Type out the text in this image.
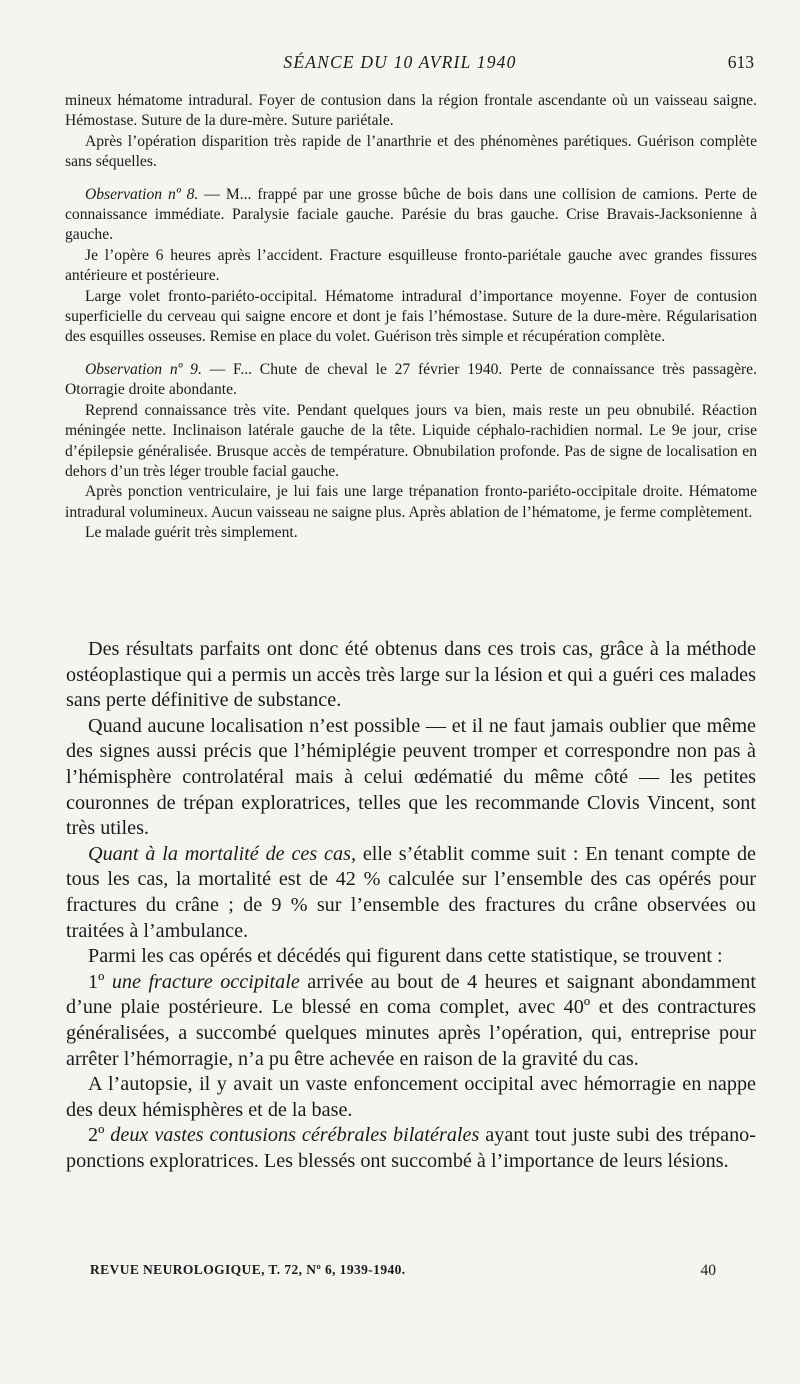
SÉANCE DU 10 AVRIL 1940	613

mineux hématome intradural. Foyer de contusion dans la région frontale ascendante où un vaisseau saigne. Hémostase. Suture de la dure-mère. Suture pariétale.

Après l’opération disparition très rapide de l’anarthrie et des phénomènes parétiques. Guérison complète sans séquelles.

Observation nº 8. — M... frappé par une grosse bûche de bois dans une collision de camions. Perte de connaissance immédiate. Paralysie faciale gauche. Parésie du bras gauche. Crise Bravais-Jacksonienne à gauche.

Je l’opère 6 heures après l’accident. Fracture esquilleuse fronto-pariétale gauche avec grandes fissures antérieure et postérieure.

Large volet fronto-pariéto-occipital. Hématome intradural d’importance moyenne. Foyer de contusion superficielle du cerveau qui saigne encore et dont je fais l’hémostase. Suture de la dure-mère. Régularisation des esquilles osseuses. Remise en place du volet. Guérison très simple et récupération complète.

Observation nº 9. — F... Chute de cheval le 27 février 1940. Perte de connaissance très passagère. Otorragie droite abondante.

Reprend connaissance très vite. Pendant quelques jours va bien, mais reste un peu obnubilé. Réaction méningée nette. Inclinaison latérale gauche de la tête. Liquide céphalo-rachidien normal. Le 9e jour, crise d’épilepsie généralisée. Brusque accès de température. Obnubilation profonde. Pas de signe de localisation en dehors d’un très léger trouble facial gauche.

Après ponction ventriculaire, je lui fais une large trépanation fronto-pariéto-occipitale droite. Hématome intradural volumineux. Aucun vaisseau ne saigne plus. Après ablation de l’hématome, je ferme complètement.

Le malade guérit très simplement.

Des résultats parfaits ont donc été obtenus dans ces trois cas, grâce à la méthode ostéoplastique qui a permis un accès très large sur la lésion et qui a guéri ces malades sans perte définitive de substance.

Quand aucune localisation n’est possible — et il ne faut jamais oublier que même des signes aussi précis que l’hémiplégie peuvent tromper et correspondre non pas à l’hémisphère controlatéral mais à celui œdématié du même côté — les petites couronnes de trépan exploratrices, telles que les recommande Clovis Vincent, sont très utiles.

Quant à la mortalité de ces cas, elle s’établit comme suit : En tenant compte de tous les cas, la mortalité est de 42 % calculée sur l’ensemble des cas opérés pour fractures du crâne ; de 9 % sur l’ensemble des fractures du crâne observées ou traitées à l’ambulance.

Parmi les cas opérés et décédés qui figurent dans cette statistique, se trouvent :

1º une fracture occipitale arrivée au bout de 4 heures et saignant abondamment d’une plaie postérieure. Le blessé en coma complet, avec 40º et des contractures généralisées, a succombé quelques minutes après l’opération, qui, entreprise pour arrêter l’hémorragie, n’a pu être achevée en raison de la gravité du cas.

A l’autopsie, il y avait un vaste enfoncement occipital avec hémorragie en nappe des deux hémisphères et de la base.

2º deux vastes contusions cérébrales bilatérales ayant tout juste subi des trépano-ponctions exploratrices. Les blessés ont succombé à l’importance de leurs lésions.

REVUE NEUROLOGIQUE, T. 72, Nº 6, 1939-1940.	40
